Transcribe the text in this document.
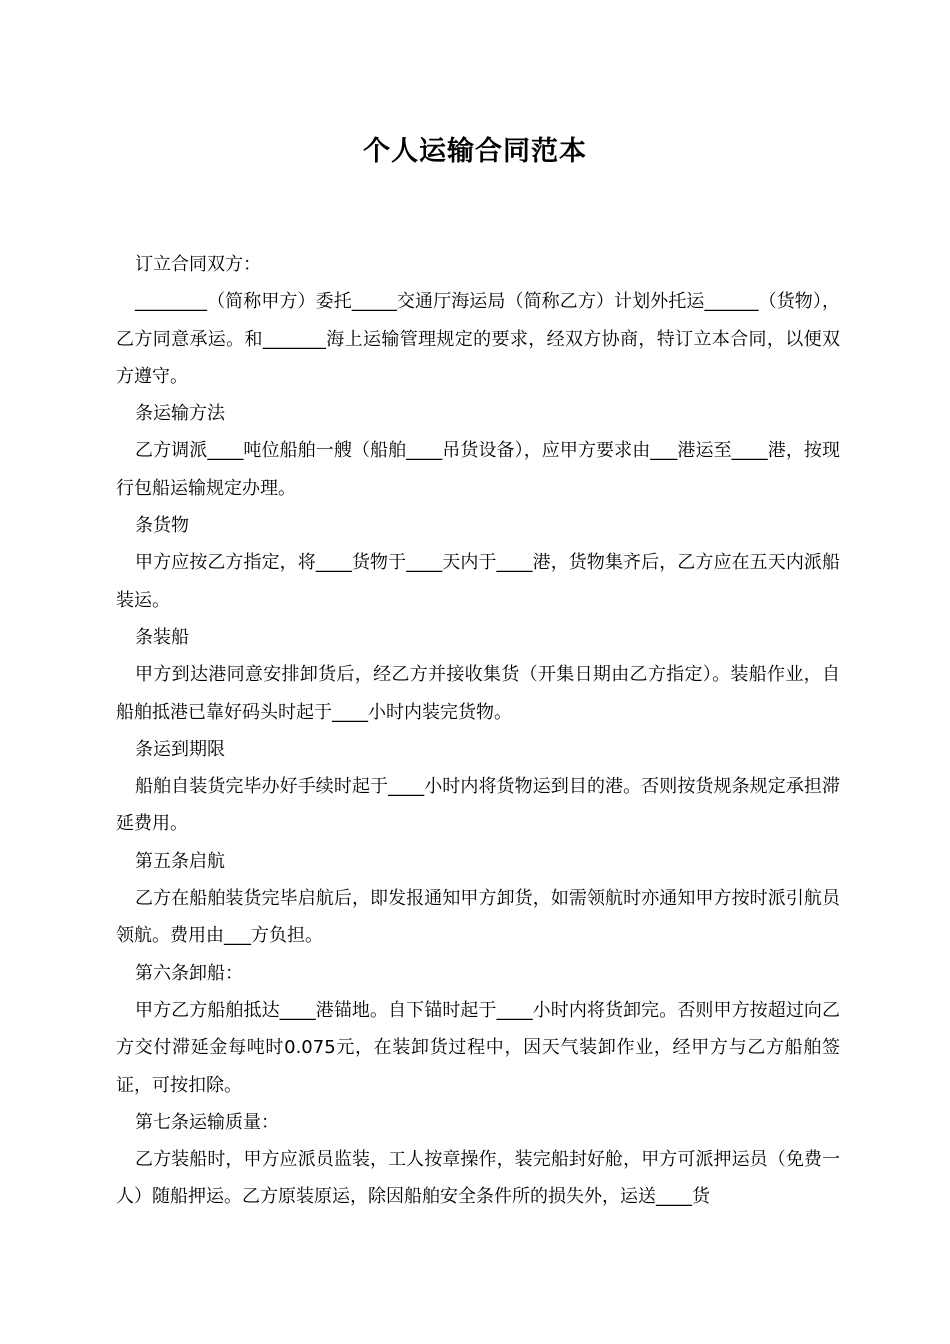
个人运输合同范本

订立合同双方：

________（简称甲方）委托_____交通厅海运局（简称乙方）计划外托运______（货物），乙方同意承运。和_______海上运输管理规定的要求，经双方协商，特订立本合同，以便双方遵守。

条运输方法

乙方调派____吨位船舶一艘（船舶____吊货设备），应甲方要求由___港运至____港，按现行包船运输规定办理。

条货物

甲方应按乙方指定，将____货物于____天内于____港，货物集齐后，乙方应在五天内派船装运。

条装船

甲方到达港同意安排卸货后，经乙方并接收集货（开集日期由乙方指定）。装船作业，自船舶抵港已靠好码头时起于____小时内装完货物。

条运到期限

船舶自装货完毕办好手续时起于____小时内将货物运到目的港。否则按货规条规定承担滞延费用。

第五条启航

乙方在船舶装货完毕启航后，即发报通知甲方卸货，如需领航时亦通知甲方按时派引航员领航。费用由___方负担。

第六条卸船：

甲方乙方船舶抵达____港锚地。自下锚时起于____小时内将货卸完。否则甲方按超过向乙方交付滞延金每吨时0.075元，在装卸货过程中，因天气装卸作业，经甲方与乙方船舶签证，可按扣除。

第七条运输质量：

乙方装船时，甲方应派员监装，工人按章操作，装完船封好舱，甲方可派押运员（免费一人）随船押运。乙方原装原运，除因船舶安全条件所的损失外，运送____货
